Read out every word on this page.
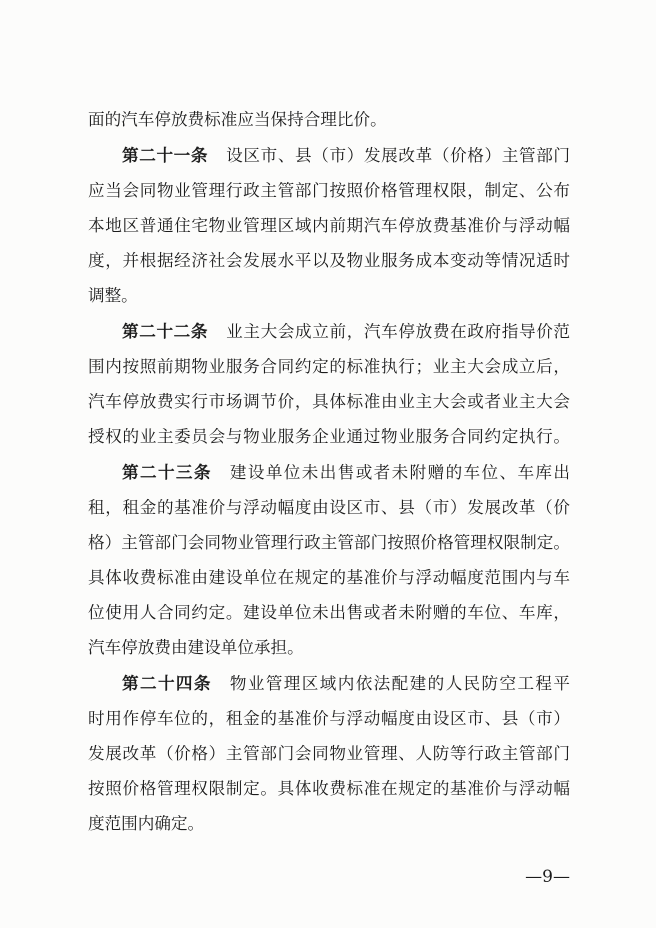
面的汽车停放费标准应当保持合理比价。
第二十一条 设区市、县（市）发展改革（价格）主管部门
应当会同物业管理行政主管部门按照价格管理权限，制定、公布
本地区普通住宅物业管理区域内前期汽车停放费基准价与浮动幅
度，并根据经济社会发展水平以及物业服务成本变动等情况适时
调整。
第二十二条 业主大会成立前，汽车停放费在政府指导价范
围内按照前期物业服务合同约定的标准执行；业主大会成立后，
汽车停放费实行市场调节价，具体标准由业主大会或者业主大会
授权的业主委员会与物业服务企业通过物业服务合同约定执行。
第二十三条 建设单位未出售或者未附赠的车位、车库出
租，租金的基准价与浮动幅度由设区市、县（市）发展改革（价
格）主管部门会同物业管理行政主管部门按照价格管理权限制定。
具体收费标准由建设单位在规定的基准价与浮动幅度范围内与车
位使用人合同约定。建设单位未出售或者未附赠的车位、车库，
汽车停放费由建设单位承担。
第二十四条 物业管理区域内依法配建的人民防空工程平
时用作停车位的，租金的基准价与浮动幅度由设区市、县（市）
发展改革（价格）主管部门会同物业管理、人防等行政主管部门
按照价格管理权限制定。具体收费标准在规定的基准价与浮动幅
度范围内确定。
—9—
